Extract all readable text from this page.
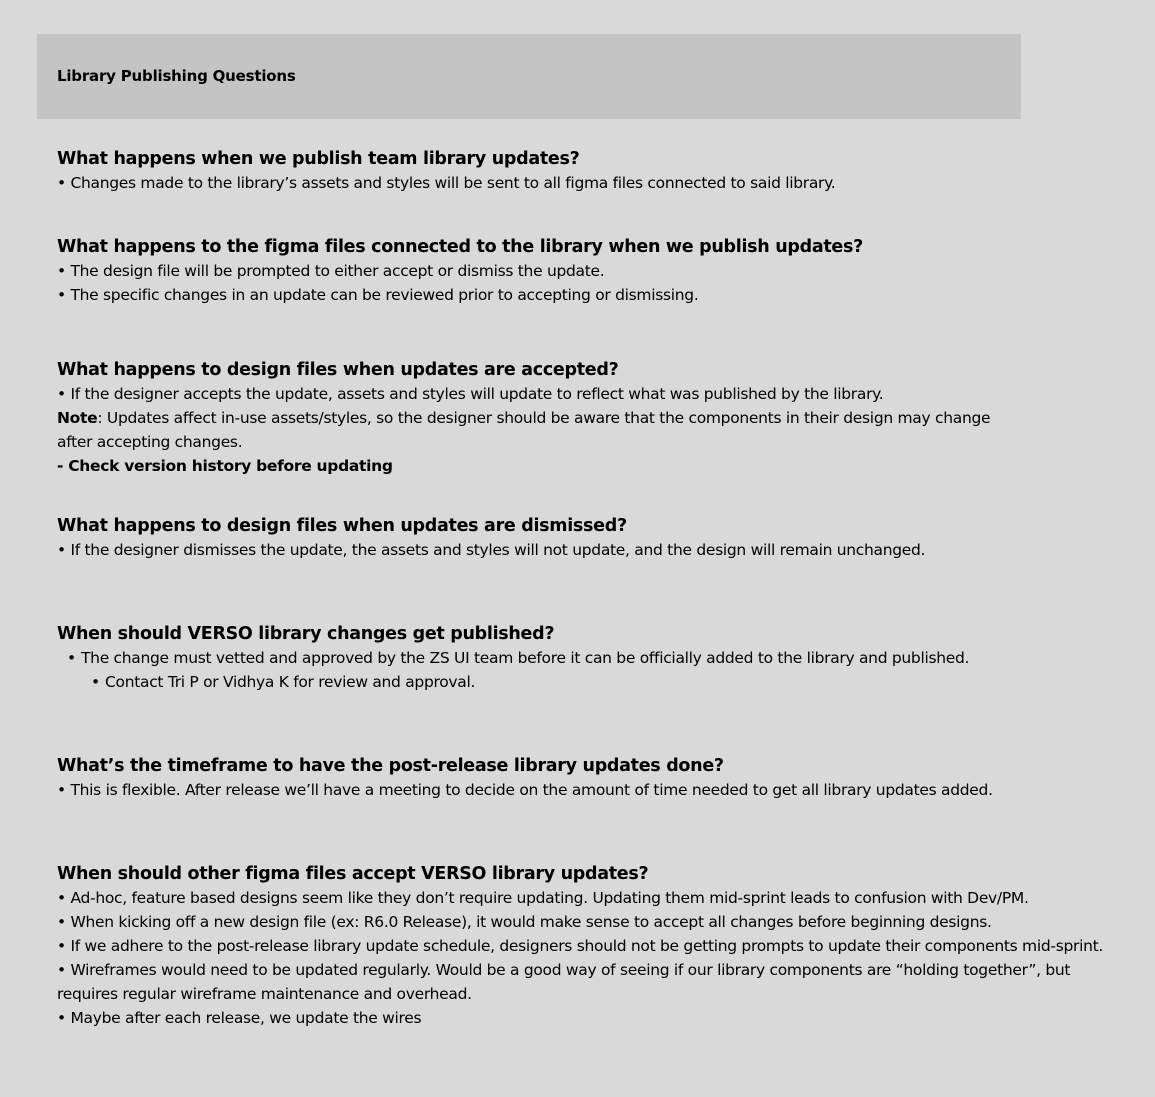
Library Publishing Questions
What happens when we publish team library updates?
• Changes made to the library’s assets and styles will be sent to all figma files connected to said library.
What happens to the figma files connected to the library when we publish updates?
• The design file will be prompted to either accept or dismiss the update.
• The specific changes in an update can be reviewed prior to accepting or dismissing.
What happens to design files when updates are accepted?
• If the designer accepts the update, assets and styles will update to reflect what was published by the library.
Note: Updates affect in-use assets/styles, so the designer should be aware that the components in their design may change after accepting changes.
- Check version history before updating
What happens to design files when updates are dismissed?
• If the designer dismisses the update, the assets and styles will not update, and the design will remain unchanged.
When should VERSO library changes get published?
• The change must vetted and approved by the ZS UI team before it can be officially added to the library and published.
• Contact Tri P or Vidhya K for review and approval.
What’s the timeframe to have the post-release library updates done?
• This is flexible. After release we’ll have a meeting to decide on the amount of time needed to get all library updates added.
When should other figma files accept VERSO library updates?
• Ad-hoc, feature based designs seem like they don’t require updating. Updating them mid-sprint leads to confusion with Dev/PM.
• When kicking off a new design file (ex: R6.0 Release), it would make sense to accept all changes before beginning designs.
• If we adhere to the post-release library update schedule, designers should not be getting prompts to update their components mid-sprint.
• Wireframes would need to be updated regularly. Would be a good way of seeing if our library components are “holding together”, but requires regular wireframe maintenance and overhead.
• Maybe after each release, we update the wires
